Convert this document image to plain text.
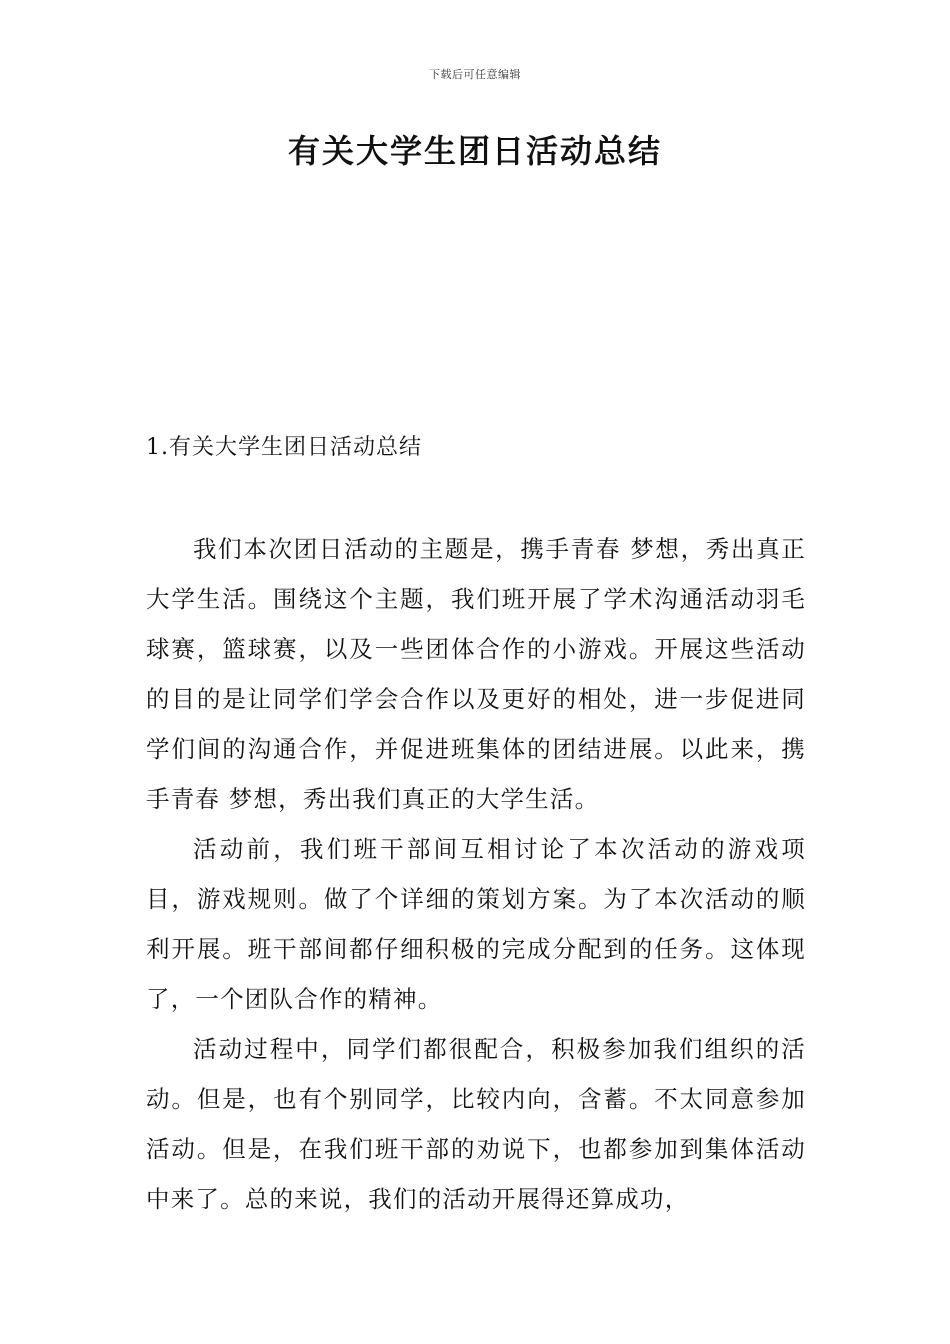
下载后可任意编辑
有关大学生团日活动总结
1.有关大学生团日活动总结

我们本次团日活动的主题是，携手青春 梦想，秀出真正大学生活。围绕这个主题，我们班开展了学术沟通活动羽毛球赛，篮球赛，以及一些团体合作的小游戏。开展这些活动的目的是让同学们学会合作以及更好的相处，进一步促进同学们间的沟通合作，并促进班集体的团结进展。以此来，携手青春 梦想，秀出我们真正的大学生活。

活动前，我们班干部间互相讨论了本次活动的游戏项目，游戏规则。做了个详细的策划方案。为了本次活动的顺利开展。班干部间都仔细积极的完成分配到的任务。这体现了，一个团队合作的精神。

活动过程中，同学们都很配合，积极参加我们组织的活动。但是，也有个别同学，比较内向，含蓄。不太同意参加活动。但是，在我们班干部的劝说下，也都参加到集体活动中来了。总的来说，我们的活动开展得还算成功，
